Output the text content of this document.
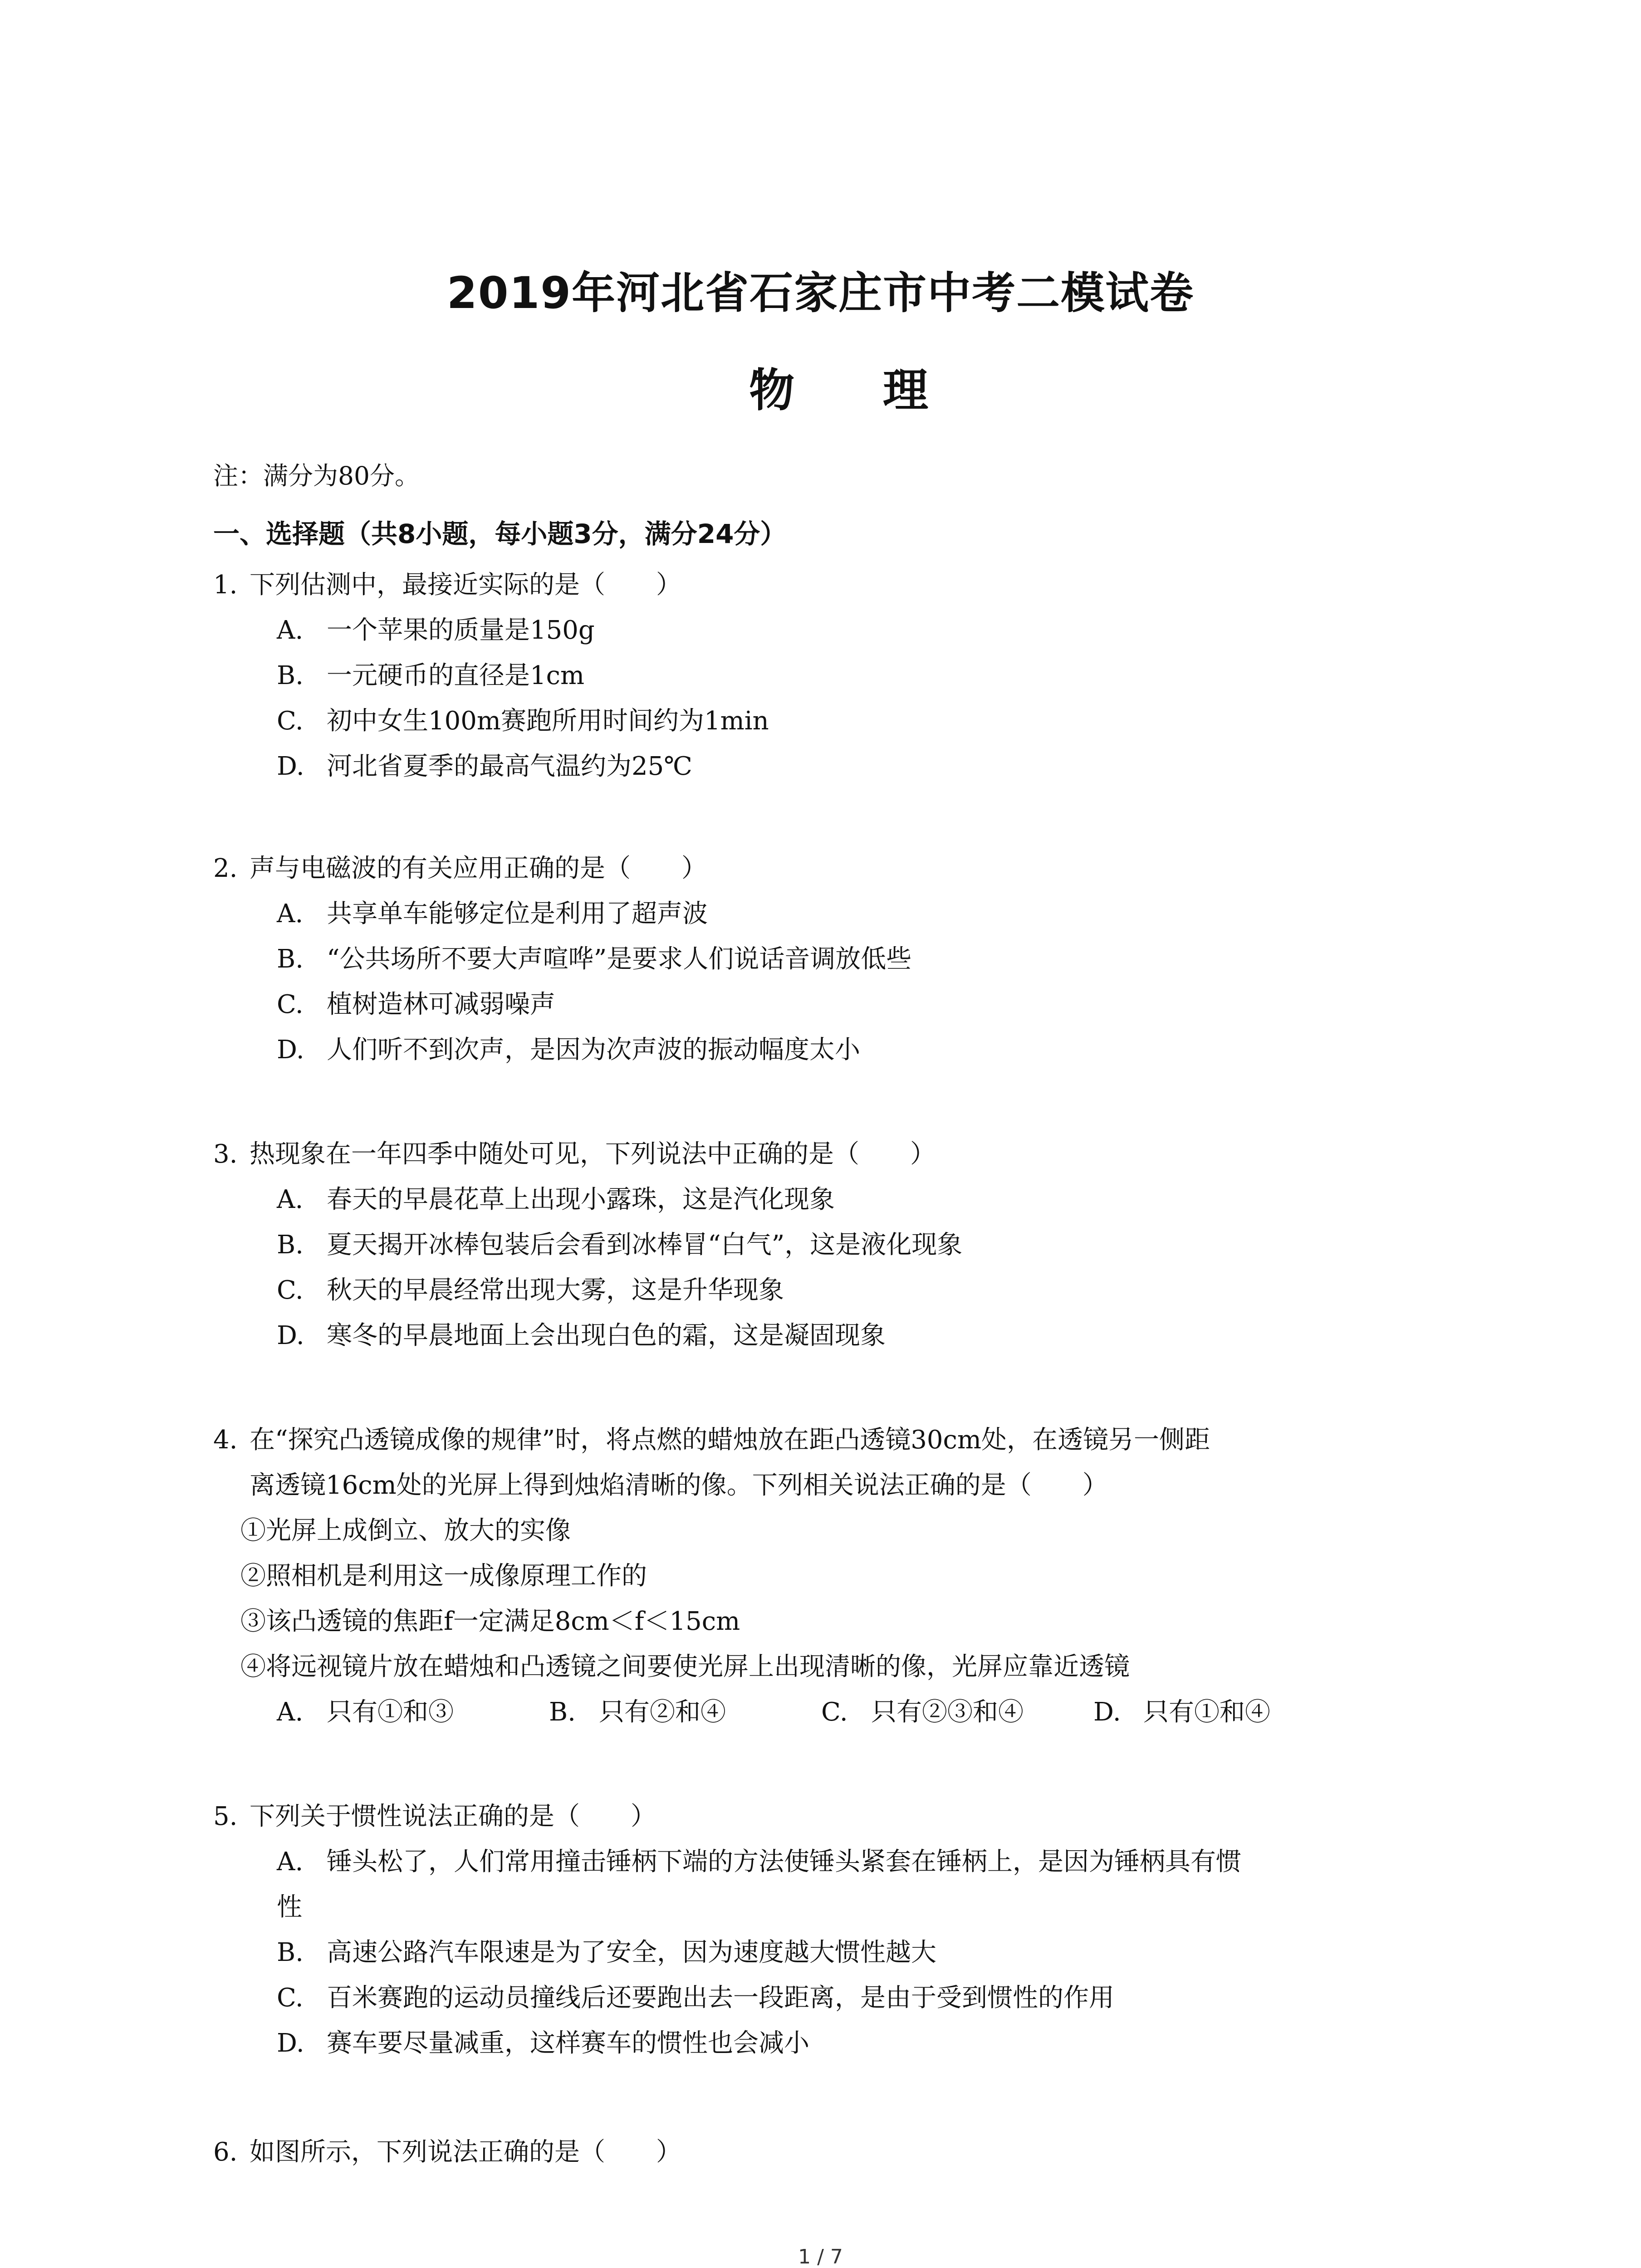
2019年河北省石家庄市中考二模试卷
物 理
注：满分为80分。
一、选择题（共8小题，每小题3分，满分24分）
1. 下列估测中，最接近实际的是（　　）
A. 一个苹果的质量是150g
B. 一元硬币的直径是1cm
C. 初中女生100m赛跑所用时间约为1min
D. 河北省夏季的最高气温约为25℃
2. 声与电磁波的有关应用正确的是（　　）
A. 共享单车能够定位是利用了超声波
B. “公共场所不要大声喧哗”是要求人们说话音调放低些
C. 植树造林可减弱噪声
D. 人们听不到次声，是因为次声波的振动幅度太小
3. 热现象在一年四季中随处可见，下列说法中正确的是（　　）
A. 春天的早晨花草上出现小露珠，这是汽化现象
B. 夏天揭开冰棒包装后会看到冰棒冒“白气”，这是液化现象
C. 秋天的早晨经常出现大雾，这是升华现象
D. 寒冬的早晨地面上会出现白色的霜，这是凝固现象
4. 在“探究凸透镜成像的规律”时，将点燃的蜡烛放在距凸透镜30cm处，在透镜另一侧距
离透镜16cm处的光屏上得到烛焰清晰的像。下列相关说法正确的是（　　）
①光屏上成倒立、放大的实像
②照相机是利用这一成像原理工作的
③该凸透镜的焦距f一定满足8cm＜f＜15cm
④将远视镜片放在蜡烛和凸透镜之间要使光屏上出现清晰的像，光屏应靠近透镜
A. 只有①和③	B. 只有②和④	C. 只有②③和④	D. 只有①和④
5. 下列关于惯性说法正确的是（　　）
A. 锤头松了，人们常用撞击锤柄下端的方法使锤头紧套在锤柄上，是因为锤柄具有惯
性
B. 高速公路汽车限速是为了安全，因为速度越大惯性越大
C. 百米赛跑的运动员撞线后还要跑出去一段距离，是由于受到惯性的作用
D. 赛车要尽量减重，这样赛车的惯性也会减小
6. 如图所示，下列说法正确的是（　　）
1 / 7
